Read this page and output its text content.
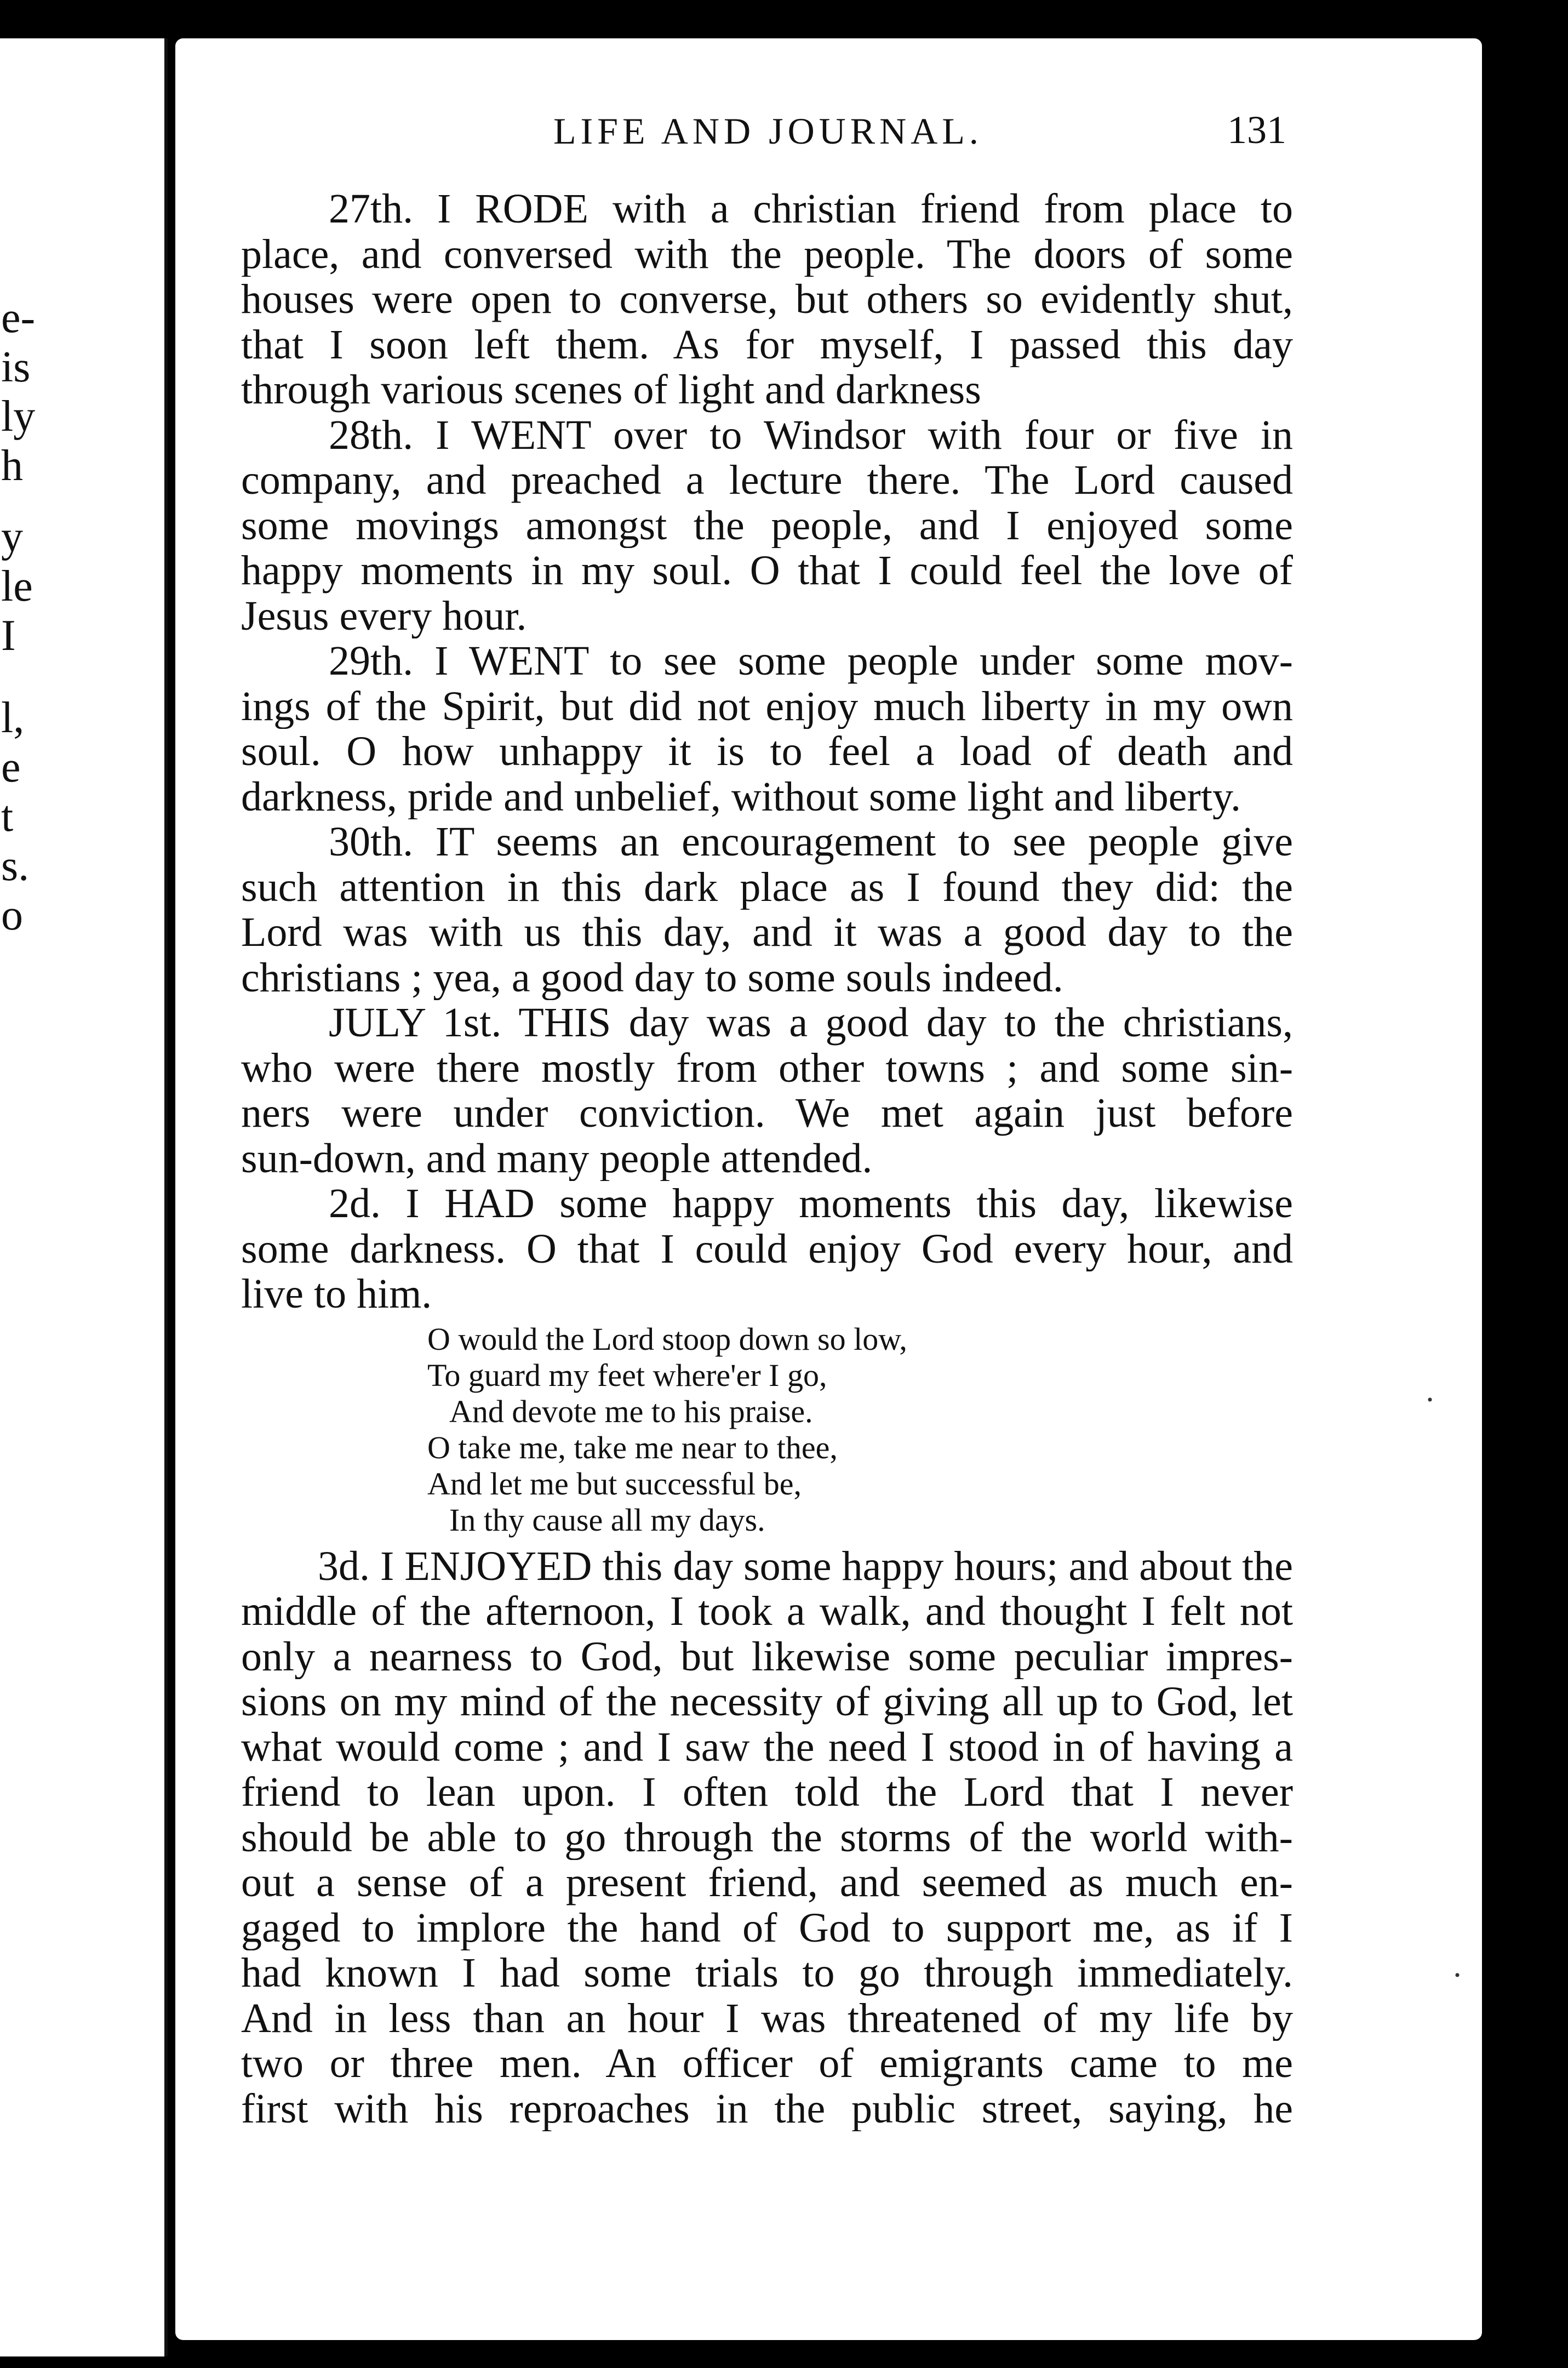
e-
is
ly
h
y
le
I
l,
e
t
s.
o
LIFE AND JOURNAL.	131
27th. I RODE with a christian friend from place to
place, and conversed with the people. The doors of some
houses were open to converse, but others so evidently shut,
that I soon left them. As for myself, I passed this day
through various scenes of light and darkness
28th. I WENT over to Windsor with four or five in
company, and preached a lecture there. The Lord caused
some movings amongst the people, and I enjoyed some
happy moments in my soul. O that I could feel the love of
Jesus every hour.
29th. I WENT to see some people under some mov-
ings of the Spirit, but did not enjoy much liberty in my own
soul. O how unhappy it is to feel a load of death and
darkness, pride and unbelief, without some light and liberty.
30th. IT seems an encouragement to see people give
such attention in this dark place as I found they did: the
Lord was with us this day, and it was a good day to the
christians ; yea, a good day to some souls indeed.
JULY 1st. THIS day was a good day to the christians,
who were there mostly from other towns ; and some sin-
ners were under conviction. We met again just before
sun-down, and many people attended.
2d. I HAD some happy moments this day, likewise
some darkness. O that I could enjoy God every hour, and
live to him.
O would the Lord stoop down so low,
To guard my feet where'er I go,
And devote me to his praise.
O take me, take me near to thee,
And let me but successful be,
In thy cause all my days.
3d. I ENJOYED this day some happy hours; and about the
middle of the afternoon, I took a walk, and thought I felt not
only a nearness to God, but likewise some peculiar impres-
sions on my mind of the necessity of giving all up to God, let
what would come ; and I saw the need I stood in of having a
friend to lean upon. I often told the Lord that I never
should be able to go through the storms of the world with-
out a sense of a present friend, and seemed as much en-
gaged to implore the hand of God to support me, as if I
had known I had some trials to go through immediately.
And in less than an hour I was threatened of my life by
two or three men. An officer of emigrants came to me
first with his reproaches in the public street, saying, he
·
·
